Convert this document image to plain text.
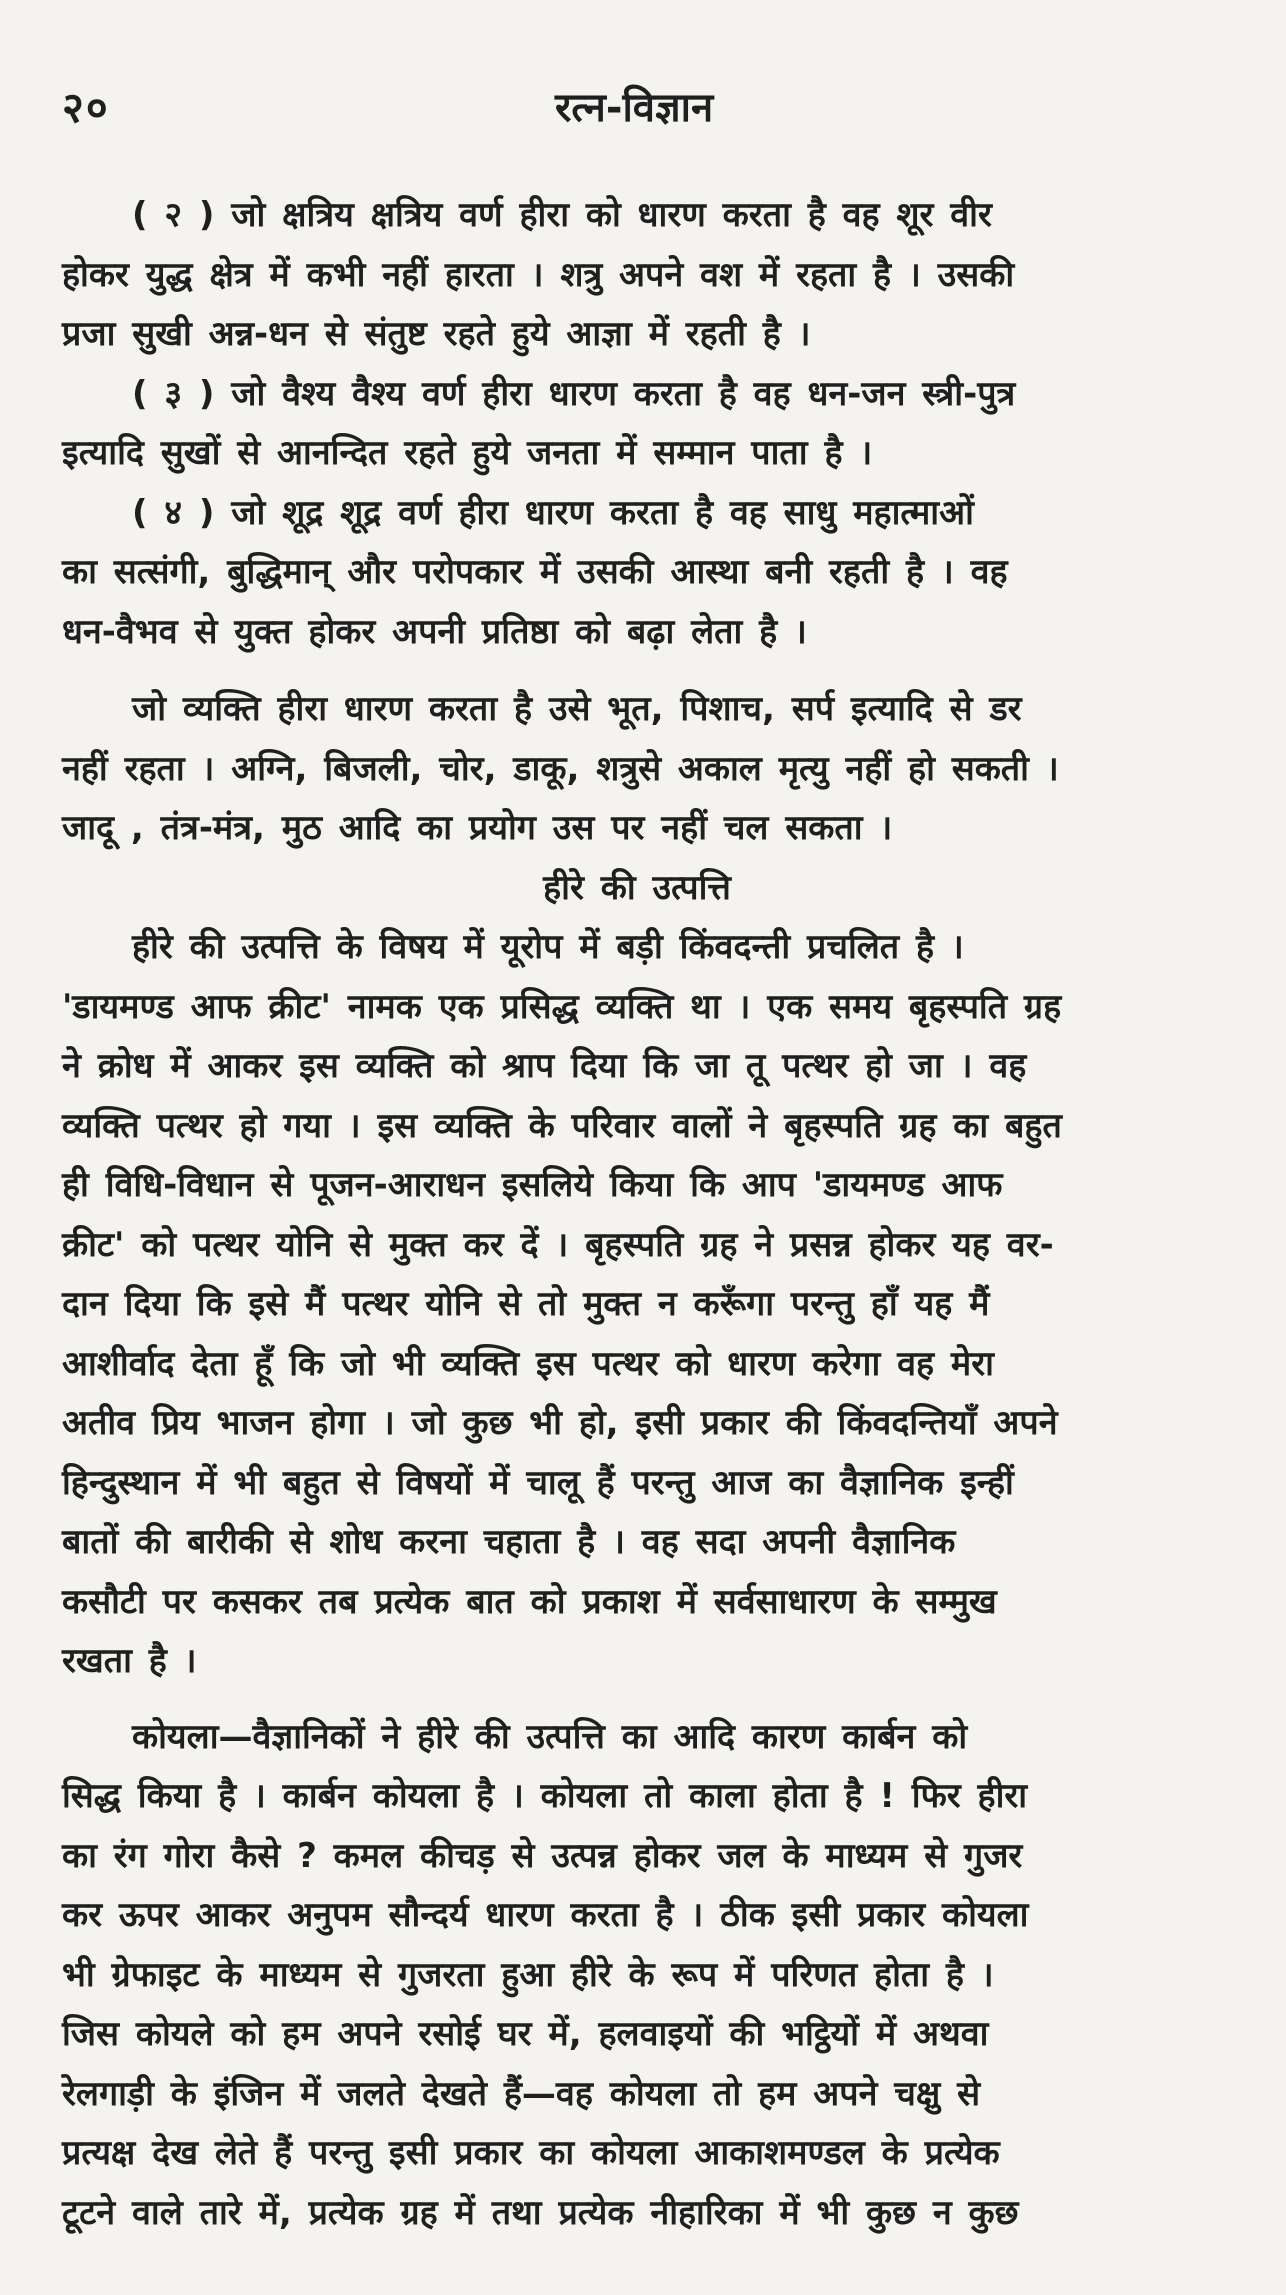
२०	रत्न-विज्ञान

( २ ) जो क्षत्रिय क्षत्रिय वर्ण हीरा को धारण करता है वह शूर वीर
होकर युद्ध क्षेत्र में कभी नहीं हारता । शत्रु अपने वश में रहता है । उसकी
प्रजा सुखी अन्न-धन से संतुष्ट रहते हुये आज्ञा में रहती है ।

( ३ ) जो वैश्य वैश्य वर्ण हीरा धारण करता है वह धन-जन स्त्री-पुत्र
इत्यादि सुखों से आनन्दित रहते हुये जनता में सम्मान पाता है ।

( ४ ) जो शूद्र शूद्र वर्ण हीरा धारण करता है वह साधु महात्माओं
का सत्संगी, बुद्धिमान् और परोपकार में उसकी आस्था बनी रहती है । वह
धन-वैभव से युक्त होकर अपनी प्रतिष्ठा को बढ़ा लेता है ।

जो व्यक्ति हीरा धारण करता है उसे भूत, पिशाच, सर्प इत्यादि से डर
नहीं रहता । अग्नि, बिजली, चोर, डाकू, शत्रुसे अकाल मृत्यु नहीं हो सकती ।
जादू , तंत्र-मंत्र, मुठ आदि का प्रयोग उस पर नहीं चल सकता ।

हीरे की उत्पत्ति

हीरे की उत्पत्ति के विषय में यूरोप में बड़ी किंवदन्ती प्रचलित है ।
'डायमण्ड आफ क्रीट' नामक एक प्रसिद्ध व्यक्ति था । एक समय बृहस्पति ग्रह
ने क्रोध में आकर इस व्यक्ति को श्राप दिया कि जा तू पत्थर हो जा । वह
व्यक्ति पत्थर हो गया । इस व्यक्ति के परिवार वालों ने बृहस्पति ग्रह का बहुत
ही विधि-विधान से पूजन-आराधन इसलिये किया कि आप 'डायमण्ड आफ
क्रीट' को पत्थर योनि से मुक्त कर दें । बृहस्पति ग्रह ने प्रसन्न होकर यह वर-
दान दिया कि इसे मैं पत्थर योनि से तो मुक्त न करूँगा परन्तु हाँ यह मैं
आशीर्वाद देता हूँ कि जो भी व्यक्ति इस पत्थर को धारण करेगा वह मेरा
अतीव प्रिय भाजन होगा । जो कुछ भी हो, इसी प्रकार की किंवदन्तियाँ अपने
हिन्दुस्थान में भी बहुत से विषयों में चालू हैं परन्तु आज का वैज्ञानिक इन्हीं
बातों की बारीकी से शोध करना चहाता है । वह सदा अपनी वैज्ञानिक
कसौटी पर कसकर तब प्रत्येक बात को प्रकाश में सर्वसाधारण के सम्मुख
रखता है ।

कोयला—वैज्ञानिकों ने हीरे की उत्पत्ति का आदि कारण कार्बन को
सिद्ध किया है । कार्बन कोयला है । कोयला तो काला होता है ! फिर हीरा
का रंग गोरा कैसे ? कमल कीचड़ से उत्पन्न होकर जल के माध्यम से गुजर
कर ऊपर आकर अनुपम सौन्दर्य धारण करता है । ठीक इसी प्रकार कोयला
भी ग्रेफाइट के माध्यम से गुजरता हुआ हीरे के रूप में परिणत होता है ।
जिस कोयले को हम अपने रसोई घर में, हलवाइयों की भट्ठियों में अथवा
रेलगाड़ी के इंजिन में जलते देखते हैं—वह कोयला तो हम अपने चक्षु से
प्रत्यक्ष देख लेते हैं परन्तु इसी प्रकार का कोयला आकाशमण्डल के प्रत्येक
टूटने वाले तारे में, प्रत्येक ग्रह में तथा प्रत्येक नीहारिका में भी कुछ न कुछ
